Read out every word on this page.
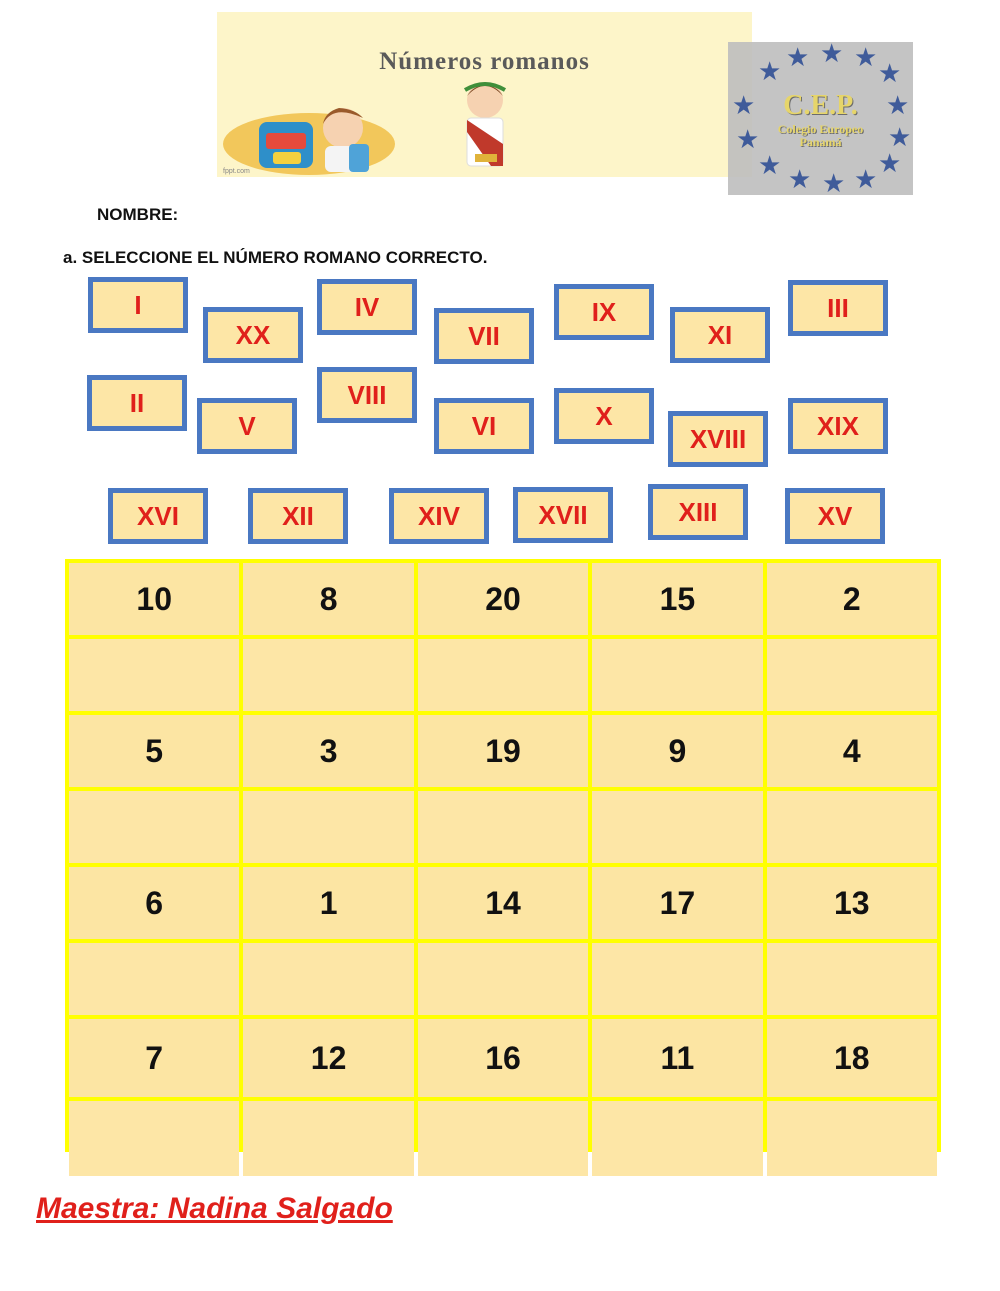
Números romanos
fppt.com
★ ★ ★ ★
★
★	★
★	★
★ ★ ★ ★
★
C.E.P.
Colegio Europeo
Panamá
NOMBRE:
a. SELECCIONE EL NÚMERO ROMANO CORRECTO.
I
XX
IV
VII
IX
XI
III
II
V
VIII
VI	X
XVIII	XIX
XVI	XII	XIV	XVII	XIII	XV
10	8	20	15	2
5	3	19	9	4
6	1	14	17	13
7	12	16	11	18
Maestra: Nadina Salgado
